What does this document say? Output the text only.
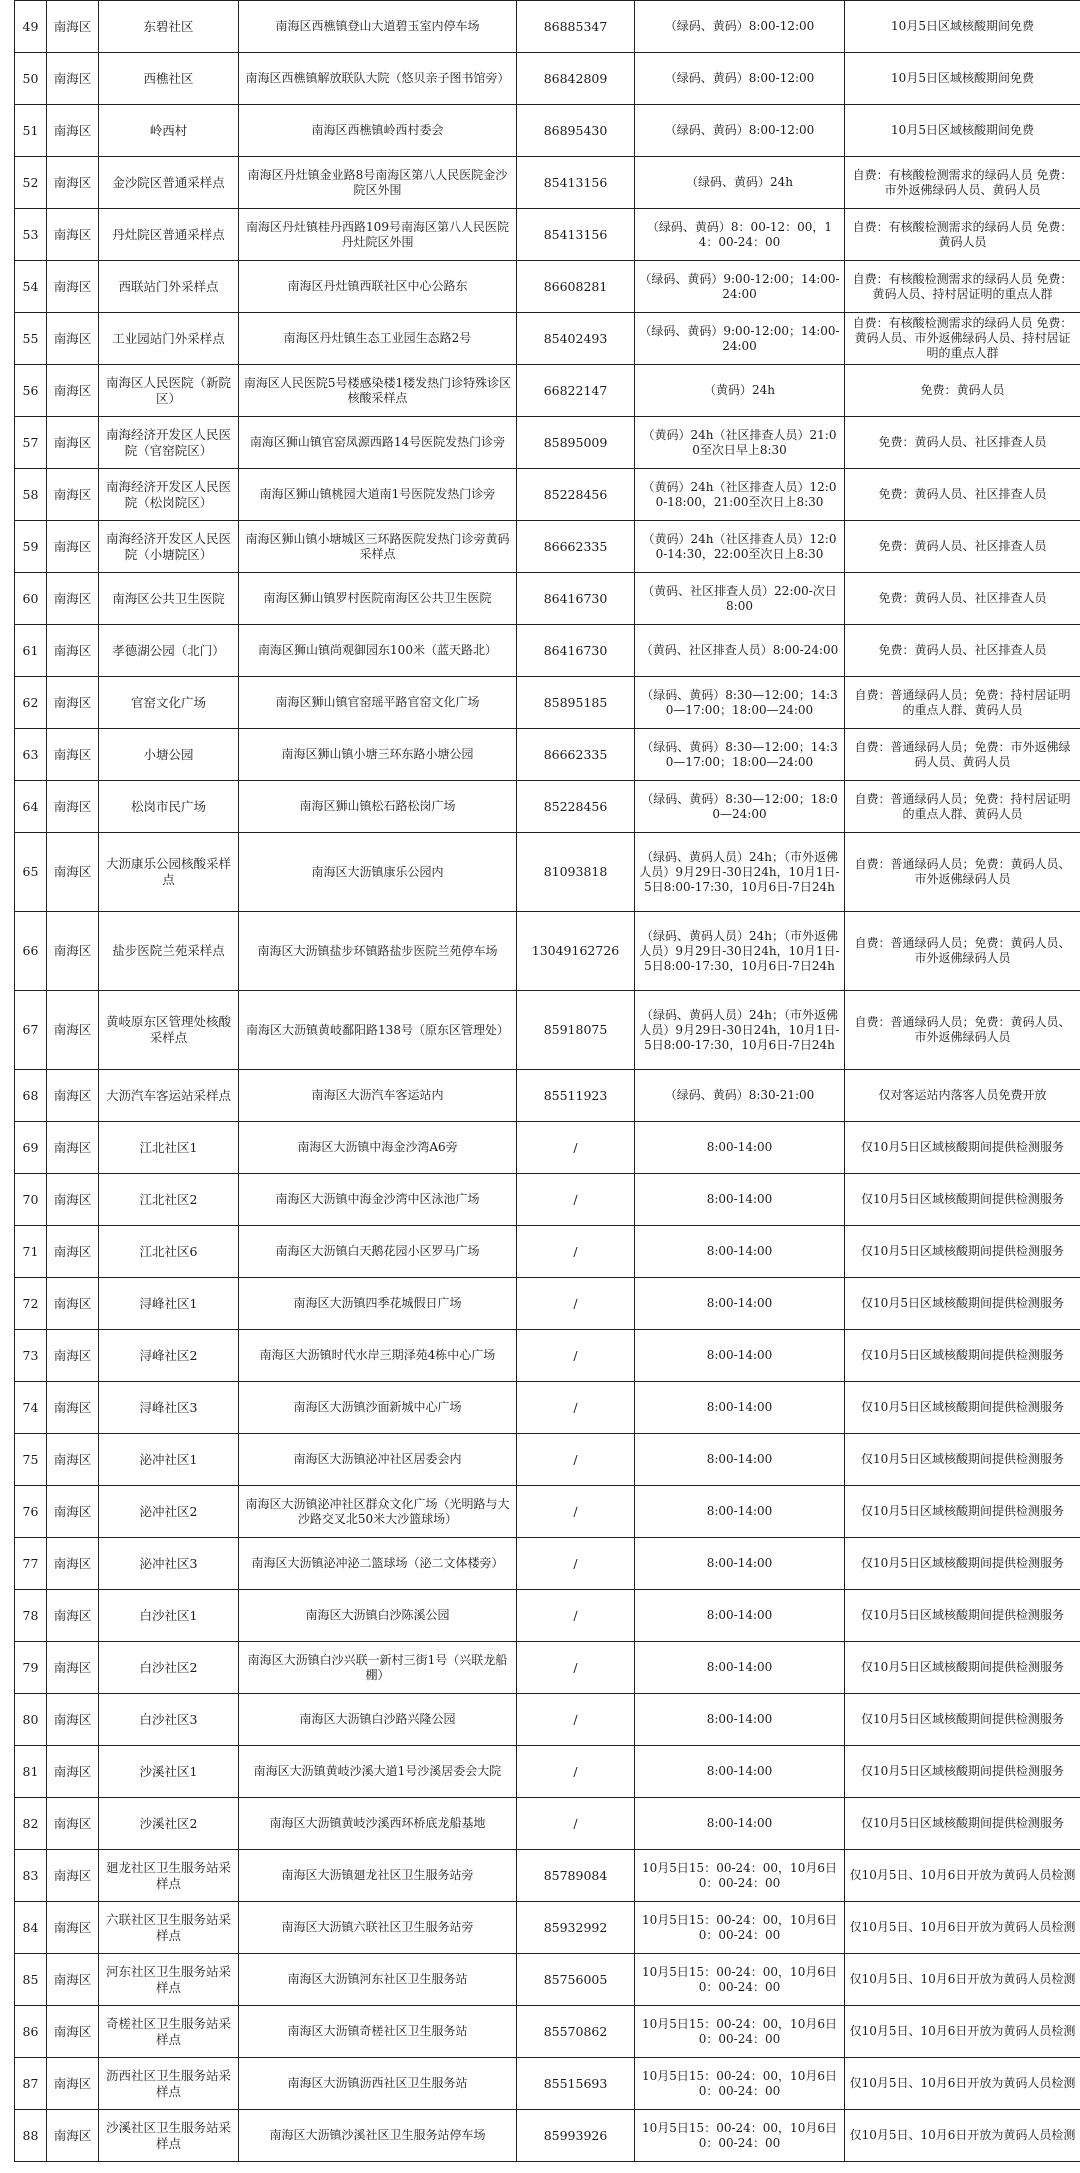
49	南海区	东碧社区	南海区西樵镇登山大道碧玉室内停车场	86885347	（绿码、黄码）8:00-12:00	10月5日区域核酸期间免费
50	南海区	西樵社区	南海区西樵镇解放联队大院（悠贝亲子图书馆旁）	86842809	（绿码、黄码）8:00-12:00	10月5日区域核酸期间免费
51	南海区	岭西村	南海区西樵镇岭西村委会	86895430	（绿码、黄码）8:00-12:00	10月5日区域核酸期间免费
52	南海区	金沙院区普通采样点	南海区丹灶镇金业路8号南海区第八人民医院金沙院区外围	85413156	（绿码、黄码）24h	自费：有核酸检测需求的绿码人员 免费：市外返佛绿码人员、黄码人员
53	南海区	丹灶院区普通采样点	南海区丹灶镇桂丹西路109号南海区第八人民医院丹灶院区外围	85413156	（绿码、黄码）8：00-12：00，14：00-24：00	自费：有核酸检测需求的绿码人员 免费：黄码人员
54	南海区	西联站门外采样点	南海区丹灶镇西联社区中心公路东	86608281	（绿码、黄码）9:00-12:00；14:00-24:00	自费：有核酸检测需求的绿码人员 免费：黄码人员、持村居证明的重点人群
55	南海区	工业园站门外采样点	南海区丹灶镇生态工业园生态路2号	85402493	（绿码、黄码）9:00-12:00；14:00-24:00	自费：有核酸检测需求的绿码人员 免费：黄码人员、市外返佛绿码人员、持村居证明的重点人群
56	南海区	南海区人民医院（新院区）	南海区人民医院5号楼感染楼1楼发热门诊特殊诊区核酸采样点	66822147	（黄码）24h	免费：黄码人员
57	南海区	南海经济开发区人民医院（官窑院区）	南海区狮山镇官窑凤源西路14号医院发热门诊旁	85895009	（黄码）24h（社区排查人员）21:00至次日早上8:30	免费：黄码人员、社区排查人员
58	南海区	南海经济开发区人民医院（松岗院区）	南海区狮山镇桃园大道南1号医院发热门诊旁	85228456	（黄码）24h（社区排查人员）12:00-18:00，21:00至次日上8:30	免费：黄码人员、社区排查人员
59	南海区	南海经济开发区人民医院（小塘院区）	南海区狮山镇小塘城区三环路医院发热门诊旁黄码采样点	86662335	（黄码）24h（社区排查人员）12:00-14:30，22:00至次日上8:30	免费：黄码人员、社区排查人员
60	南海区	南海区公共卫生医院	南海区狮山镇罗村医院南海区公共卫生医院	86416730	（黄码、社区排查人员）22:00-次日8:00	免费：黄码人员、社区排查人员
61	南海区	孝德湖公园（北门）	南海区狮山镇尚观御园东100米（蓝天路北）	86416730	（黄码、社区排查人员）8:00-24:00	免费：黄码人员、社区排查人员
62	南海区	官窑文化广场	南海区狮山镇官窑瑶平路官窑文化广场	85895185	（绿码、黄码）8:30—12:00；14:30—17:00；18:00—24:00	自费：普通绿码人员；免费：持村居证明的重点人群、黄码人员
63	南海区	小塘公园	南海区狮山镇小塘三环东路小塘公园	86662335	（绿码、黄码）8:30—12:00；14:30—17:00；18:00—24:00	自费：普通绿码人员；免费：市外返佛绿码人员、黄码人员
64	南海区	松岗市民广场	南海区狮山镇松石路松岗广场	85228456	（绿码、黄码）8:30—12:00；18:00—24:00	自费：普通绿码人员；免费：持村居证明的重点人群、黄码人员
65	南海区	大沥康乐公园核酸采样点	南海区大沥镇康乐公园内	81093818	（绿码、黄码人员）24h；（市外返佛人员）9月29日-30日24h，10月1日-5日8:00-17:30，10月6日-7日24h	自费：普通绿码人员；免费：黄码人员、市外返佛绿码人员
66	南海区	盐步医院兰苑采样点	南海区大沥镇盐步环镇路盐步医院兰苑停车场	13049162726	（绿码、黄码人员）24h；（市外返佛人员）9月29日-30日24h，10月1日-5日8:00-17:30，10月6日-7日24h	自费：普通绿码人员；免费：黄码人员、市外返佛绿码人员
67	南海区	黄岐原东区管理处核酸采样点	南海区大沥镇黄岐鄱阳路138号（原东区管理处）	85918075	（绿码、黄码人员）24h；（市外返佛人员）9月29日-30日24h，10月1日-5日8:00-17:30，10月6日-7日24h	自费：普通绿码人员；免费：黄码人员、市外返佛绿码人员
68	南海区	大沥汽车客运站采样点	南海区大沥汽车客运站内	85511923	（绿码、黄码）8:30-21:00	仅对客运站内落客人员免费开放
69	南海区	江北社区1	南海区大沥镇中海金沙湾A6旁	/	8:00-14:00	仅10月5日区域核酸期间提供检测服务
70	南海区	江北社区2	南海区大沥镇中海金沙湾中区泳池广场	/	8:00-14:00	仅10月5日区域核酸期间提供检测服务
71	南海区	江北社区6	南海区大沥镇白天鹅花园小区罗马广场	/	8:00-14:00	仅10月5日区域核酸期间提供检测服务
72	南海区	浔峰社区1	南海区大沥镇四季花城假日广场	/	8:00-14:00	仅10月5日区域核酸期间提供检测服务
73	南海区	浔峰社区2	南海区大沥镇时代水岸三期泽苑4栋中心广场	/	8:00-14:00	仅10月5日区域核酸期间提供检测服务
74	南海区	浔峰社区3	南海区大沥镇沙面新城中心广场	/	8:00-14:00	仅10月5日区域核酸期间提供检测服务
75	南海区	泌冲社区1	南海区大沥镇泌冲社区居委会内	/	8:00-14:00	仅10月5日区域核酸期间提供检测服务
76	南海区	泌冲社区2	南海区大沥镇泌冲社区群众文化广场（光明路与大沙路交叉北50米大沙篮球场）	/	8:00-14:00	仅10月5日区域核酸期间提供检测服务
77	南海区	泌冲社区3	南海区大沥镇泌冲泌二篮球场（泌二文体楼旁）	/	8:00-14:00	仅10月5日区域核酸期间提供检测服务
78	南海区	白沙社区1	南海区大沥镇白沙陈溪公园	/	8:00-14:00	仅10月5日区域核酸期间提供检测服务
79	南海区	白沙社区2	南海区大沥镇白沙兴联一新村三街1号（兴联龙船棚）	/	8:00-14:00	仅10月5日区域核酸期间提供检测服务
80	南海区	白沙社区3	南海区大沥镇白沙路兴隆公园	/	8:00-14:00	仅10月5日区域核酸期间提供检测服务
81	南海区	沙溪社区1	南海区大沥镇黄岐沙溪大道1号沙溪居委会大院	/	8:00-14:00	仅10月5日区域核酸期间提供检测服务
82	南海区	沙溪社区2	南海区大沥镇黄岐沙溪西环桥底龙船基地	/	8:00-14:00	仅10月5日区域核酸期间提供检测服务
83	南海区	廻龙社区卫生服务站采样点	南海区大沥镇廻龙社区卫生服务站旁	85789084	10月5日15：00-24：00，10月6日0：00-24：00	仅10月5日、10月6日开放为黄码人员检测
84	南海区	六联社区卫生服务站采样点	南海区大沥镇六联社区卫生服务站旁	85932992	10月5日15：00-24：00，10月6日0：00-24：00	仅10月5日、10月6日开放为黄码人员检测
85	南海区	河东社区卫生服务站采样点	南海区大沥镇河东社区卫生服务站	85756005	10月5日15：00-24：00，10月6日0：00-24：00	仅10月5日、10月6日开放为黄码人员检测
86	南海区	奇槎社区卫生服务站采样点	南海区大沥镇奇槎社区卫生服务站	85570862	10月5日15：00-24：00，10月6日0：00-24：00	仅10月5日、10月6日开放为黄码人员检测
87	南海区	沥西社区卫生服务站采样点	南海区大沥镇沥西社区卫生服务站	85515693	10月5日15：00-24：00，10月6日0：00-24：00	仅10月5日、10月6日开放为黄码人员检测
88	南海区	沙溪社区卫生服务站采样点	南海区大沥镇沙溪社区卫生服务站停车场	85993926	10月5日15：00-24：00，10月6日0：00-24：00	仅10月5日、10月6日开放为黄码人员检测
